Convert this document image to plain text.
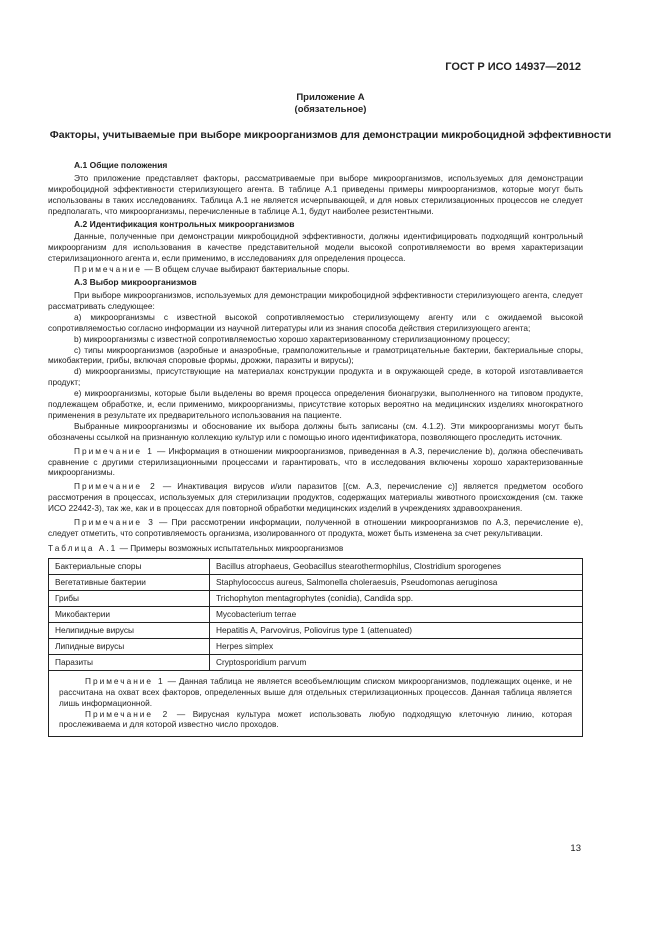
ГОСТ Р ИСО 14937—2012
Приложение А
(обязательное)
Факторы, учитываемые при выборе микроорганизмов для демонстрации микробоцидной эффективности
А.1 Общие положения

Это приложение представляет факторы, рассматриваемые при выборе микроорганизмов, используемых для демонстрации микробоцидной эффективности стерилизующего агента. В таблице А.1 приведены примеры микроорганизмов, которые могут быть использованы в таких исследованиях. Таблица А.1 не является исчерпывающей, и для новых стерилизационных процессов не следует предполагать, что микроорганизмы, перечисленные в таблице А.1, будут наиболее резистентными.

А.2 Идентификация контрольных микроорганизмов

Данные, полученные при демонстрации микробоцидной эффективности, должны идентифицировать подходящий контрольный микроорганизм для использования в качестве представительной модели высокой сопротивляемости во время характеризации стерилизационного агента и, если применимо, в исследованиях для определения процесса.

Примечание — В общем случае выбирают бактериальные споры.

А.3 Выбор микроорганизмов

При выборе микроорганизмов, используемых для демонстрации микробоцидной эффективности стерилизующего агента, следует рассматривать следующее:

а) микроорганизмы с известной высокой сопротивляемостью стерилизующему агенту или с ожидаемой высокой сопротивляемостью согласно информации из научной литературы или из знания способа действия стерилизующего агента;

b) микроорганизмы с известной сопротивляемостью хорошо характеризованному стерилизационному процессу;

с) типы микроорганизмов (аэробные и анаэробные, грамположительные и грамотрицательные бактерии, бактериальные споры, микобактерии, грибы, включая споровые формы, дрожжи, паразиты и вирусы);

d) микроорганизмы, присутствующие на материалах конструкции продукта и в окружающей среде, в которой изготавливается продукт;

е) микроорганизмы, которые были выделены во время процесса определения бионагрузки, выполненного на типовом продукте, подлежащем обработке, и, если применимо, микроорганизмы, присутствие которых вероятно на медицинских изделиях многократного применения в результате их предварительного использования на пациенте.

Выбранные микроорганизмы и обоснование их выбора должны быть записаны (см. 4.1.2). Эти микроорганизмы могут быть обозначены ссылкой на признанную коллекцию культур или с помощью иного идентификатора, позволяющего проследить источник.

Примечание 1 — Информация в отношении микроорганизмов, приведенная в А.3, перечисление b), должна обеспечивать сравнение с другими стерилизационными процессами и гарантировать, что в исследования включены хорошо характеризованные микроорганизмы.

Примечание 2 — Инактивация вирусов и/или паразитов [(см. А.3, перечисление с)] является предметом особого рассмотрения в процессах, используемых для стерилизации продуктов, содержащих материалы животного происхождения (см. также ИСО 22442-3), так же, как и в процессах для повторной обработки медицинских изделий в учреждениях здравоохранения.

Примечание 3 — При рассмотрении информации, полученной в отношении микроорганизмов по А.3, перечисление е), следует отметить, что сопротивляемость организма, изолированного от продукта, может быть изменена за счет рекультивации.

Таблица А.1 — Примеры возможных испытательных микроорганизмов

Бактериальные споры	Bacillus atrophaeus, Geobacillus stearothermophilus, Clostridium sporogenes
Вегетативные бактерии	Staphylococcus aureus, Salmonella choleraesuis, Pseudomonas aeruginosa
Грибы	Trichophyton mentagrophytes (conidia), Candida spp.
Микобактерии	Mycobacterium terrae
Нелипидные вирусы	Hepatitis A, Parvovirus, Poliovirus type 1 (attenuated)
Липидные вирусы	Herpes simplex
Паразиты	Cryptosporidium parvum

Примечание 1 — Данная таблица не является всеобъемлющим списком микроорганизмов, подлежащих оценке, и не рассчитана на охват всех факторов, определенных выше для отдельных стерилизационных процессов. Данная таблица является лишь информационной.

Примечание 2 — Вирусная культура может использовать любую подходящую клеточную линию, которая прослеживаема и для которой известно число проходов.	

13
